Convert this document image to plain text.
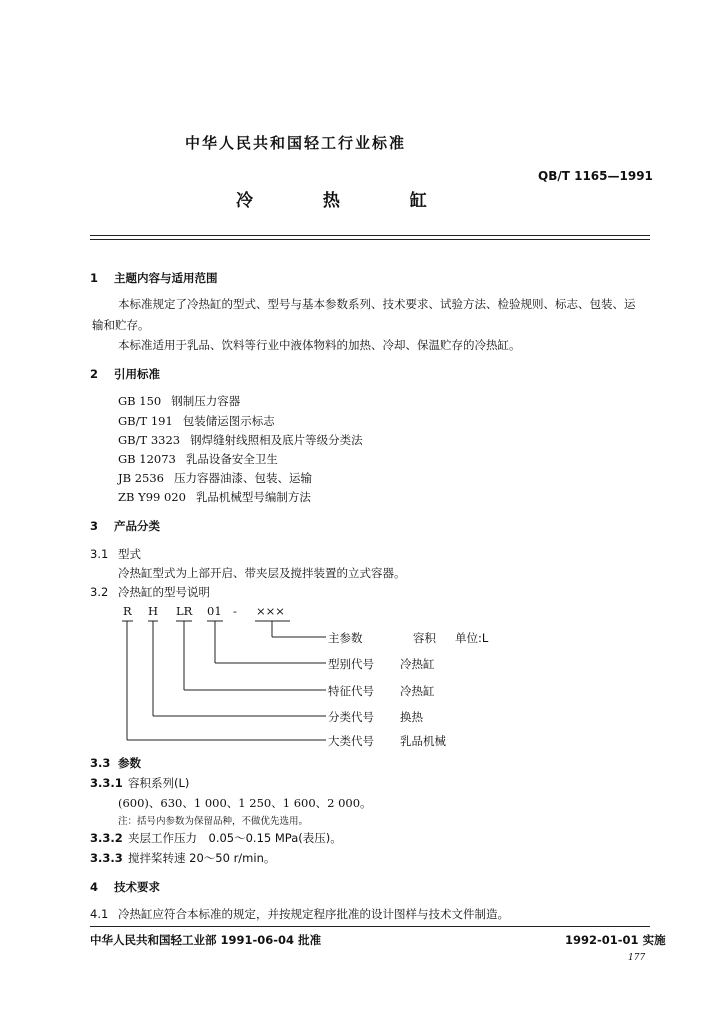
中华人民共和国轻工行业标准
QB/T 1165—1991
冷 热 缸
1 主题内容与适用范围
本标准规定了冷热缸的型式、型号与基本参数系列、技术要求、试验方法、检验规则、标志、包装、运
输和贮存。
本标准适用于乳品、饮料等行业中液体物料的加热、冷却、保温贮存的冷热缸。
2 引用标准
GB 150 钢制压力容器
GB/T 191 包装储运图示标志
GB/T 3323 钢焊缝射线照相及底片等级分类法
GB 12073 乳品设备安全卫生
JB 2536 压力容器油漆、包装、运输
ZB Y99 020 乳品机械型号编制方法
3 产品分类
3.1 型式
冷热缸型式为上部开启、带夹层及搅拌装置的立式容器。
3.2 冷热缸的型号说明
R H LR 01 - ×××
主参数	容积 单位:L
型别代号 冷热缸
特征代号 冷热缸
分类代号 换热
大类代号 乳品机械
3.3 参数
3.3.1 容积系列(L)
(600)、630、1 000、1 250、1 600、2 000。
注：括号内参数为保留品种，不做优先选用。
3.3.2 夹层工作压力　0.05～0.15 MPa(表压)。
3.3.3 搅拌桨转速 20～50 r/min。
4 技术要求
4.1 冷热缸应符合本标准的规定，并按规定程序批准的设计图样与技术文件制造。
中华人民共和国轻工业部 1991-06-04 批准	1992-01-01 实施
177
